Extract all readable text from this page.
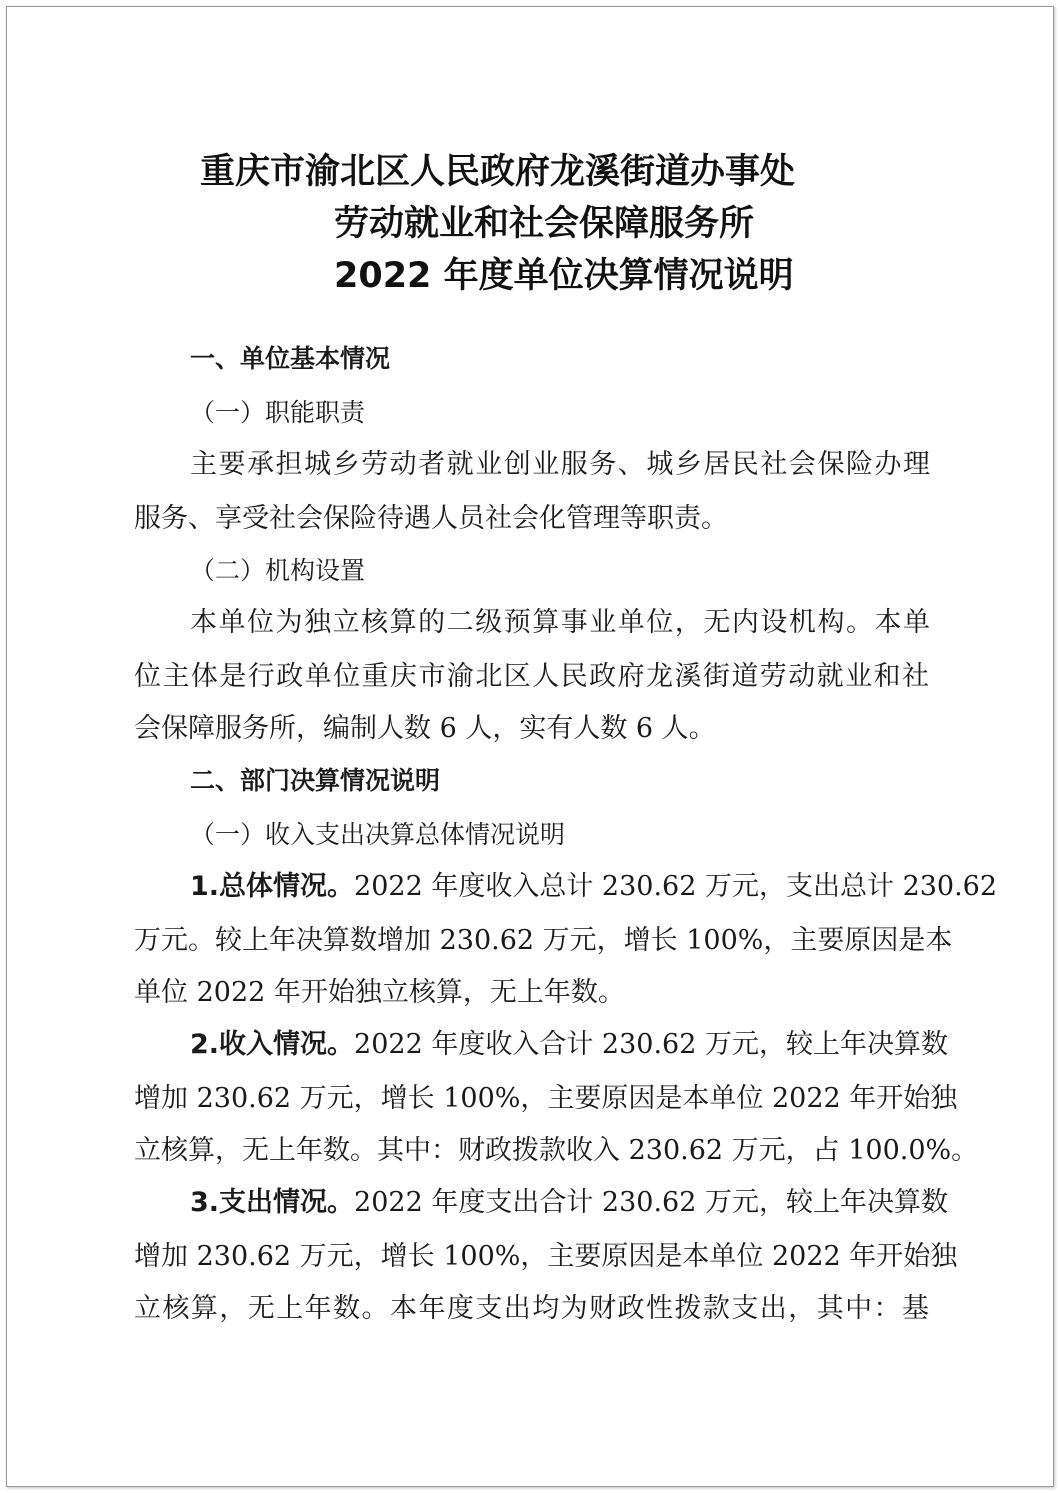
重庆市渝北区人民政府龙溪街道办事处
劳动就业和社会保障服务所
2022 年度单位决算情况说明
一、单位基本情况
（一）职能职责
主要承担城乡劳动者就业创业服务、城乡居民社会保险办理
服务、享受社会保险待遇人员社会化管理等职责。
（二）机构设置
本单位为独立核算的二级预算事业单位，无内设机构。本单
位主体是行政单位重庆市渝北区人民政府龙溪街道劳动就业和社
会保障服务所，编制人数 6 人，实有人数 6 人。
二、部门决算情况说明
（一）收入支出决算总体情况说明
1.总体情况。2022 年度收入总计 230.62 万元，支出总计 230.62
万元。较上年决算数增加 230.62 万元，增长 100%，主要原因是本
单位 2022 年开始独立核算，无上年数。
2.收入情况。2022 年度收入合计 230.62 万元，较上年决算数
增加 230.62 万元，增长 100%，主要原因是本单位 2022 年开始独
立核算，无上年数。其中：财政拨款收入 230.62 万元，占 100.0%。
3.支出情况。2022 年度支出合计 230.62 万元，较上年决算数
增加 230.62 万元，增长 100%，主要原因是本单位 2022 年开始独
立核算，无上年数。本年度支出均为财政性拨款支出，其中：基
